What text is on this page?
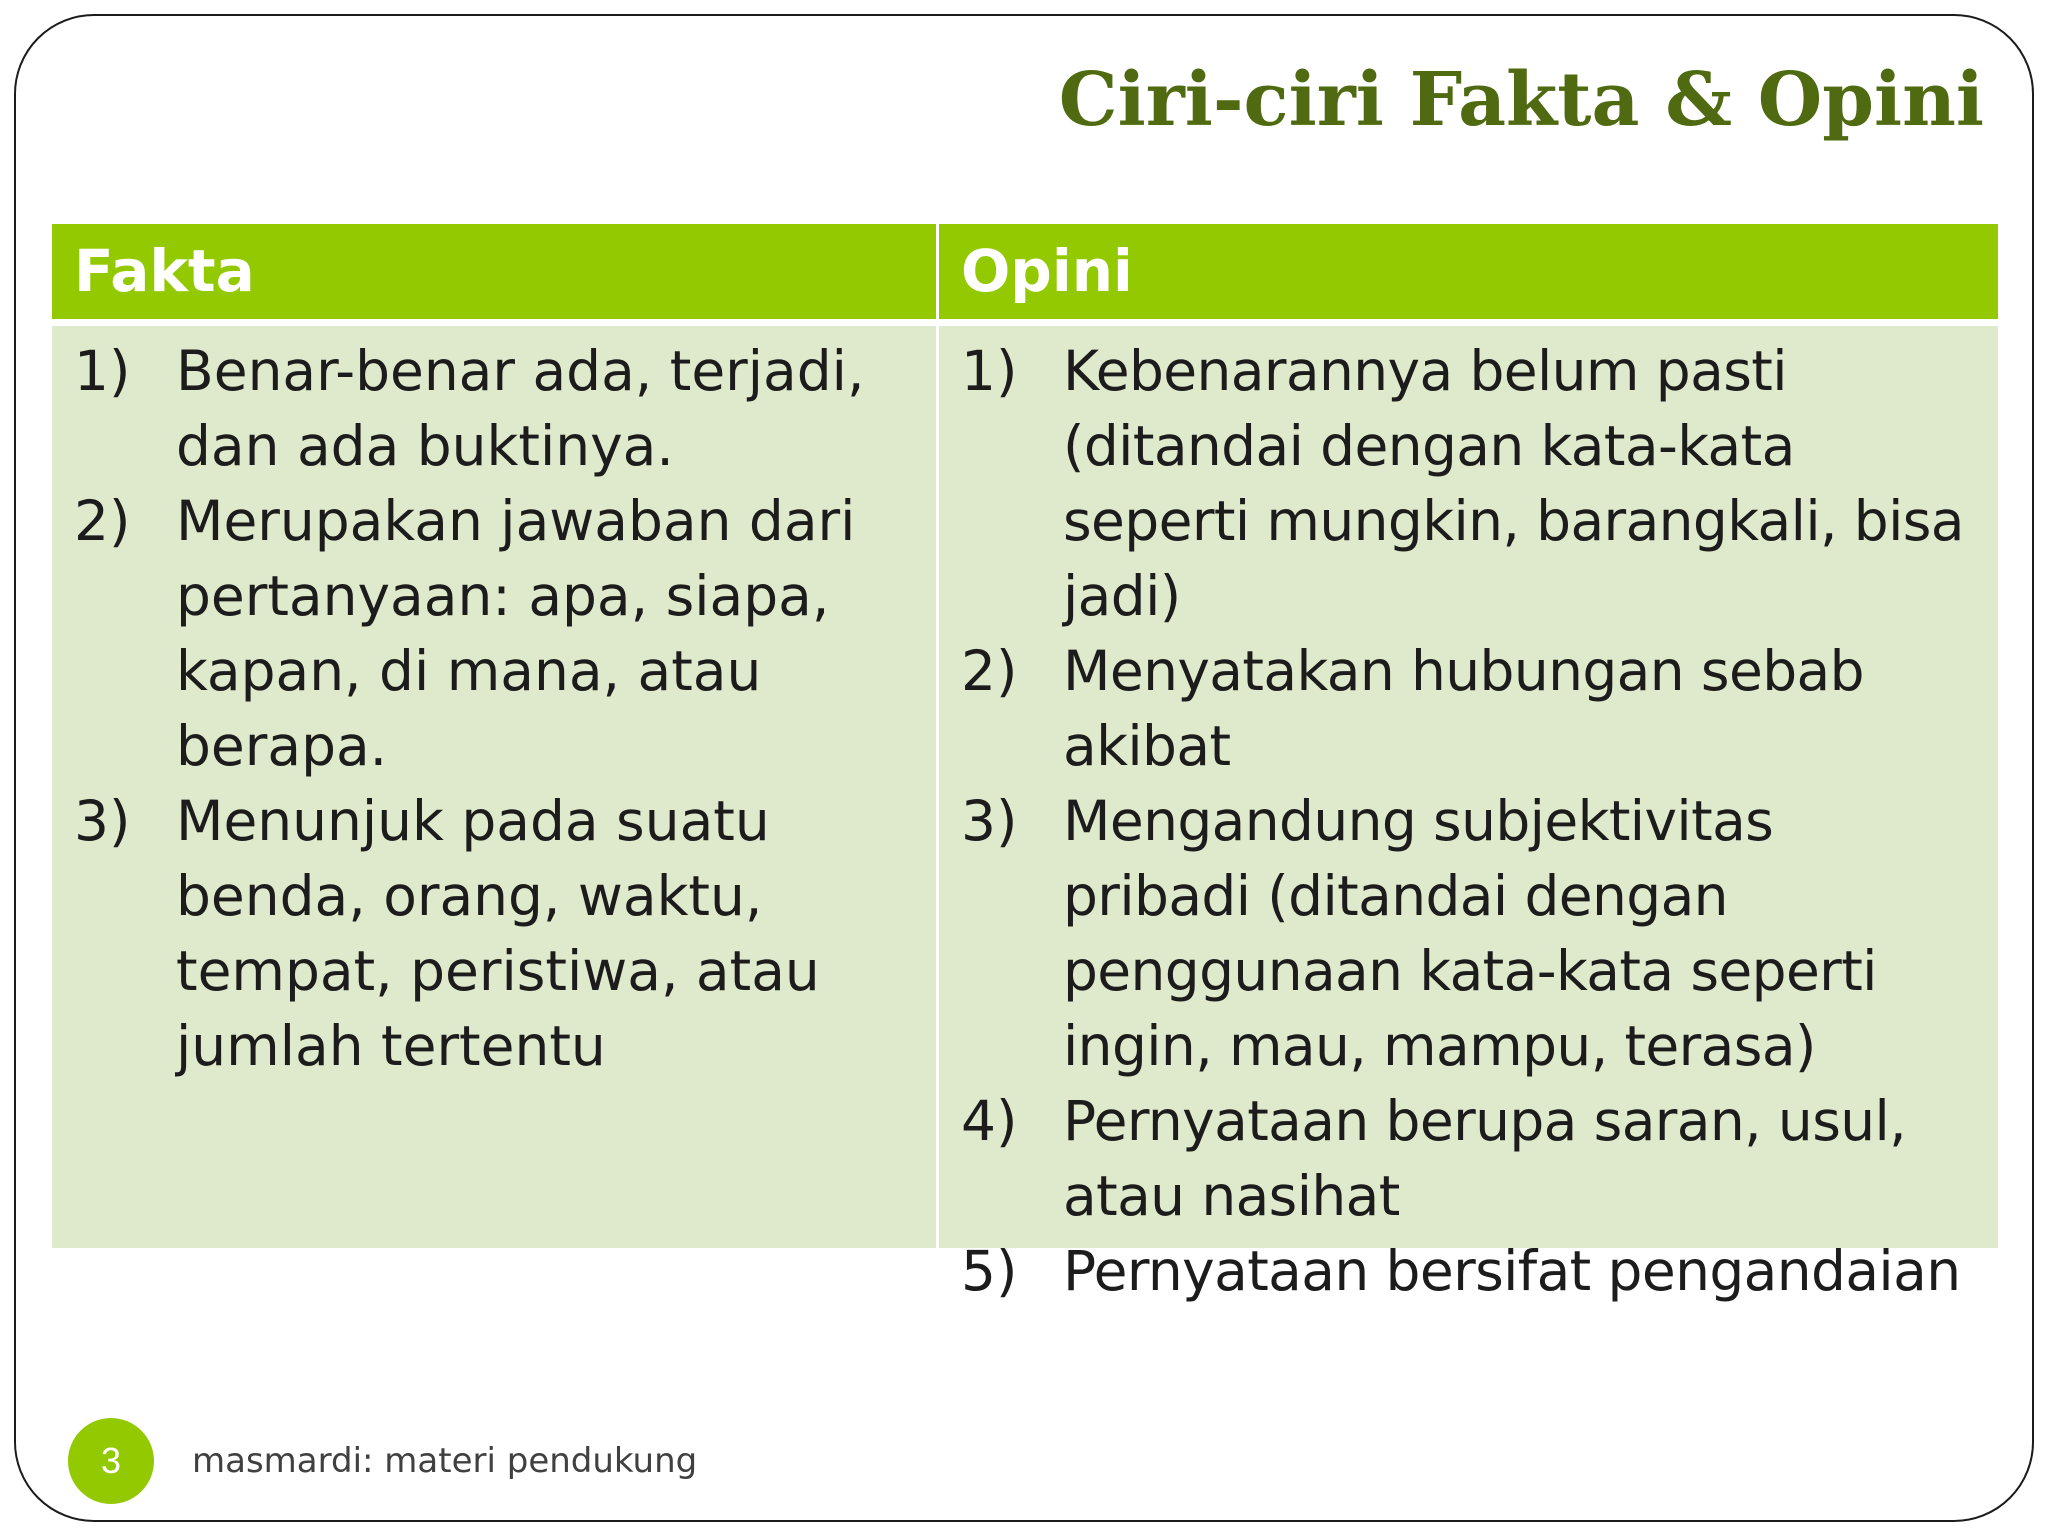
Ciri-ciri Fakta & Opini
Fakta	Opini
1) Benar-benar ada, terjadi, dan ada buktinya.
2) Merupakan jawaban dari pertanyaan: apa, siapa, kapan, di mana, atau berapa.
3) Menunjuk pada suatu benda, orang, waktu, tempat, peristiwa, atau jumlah tertentu
1) Kebenarannya belum pasti (ditandai dengan kata-kata seperti mungkin, barangkali, bisa jadi)
2) Menyatakan hubungan sebab akibat
3) Mengandung subjektivitas pribadi (ditandai dengan penggunaan kata-kata seperti ingin, mau, mampu, terasa)
4) Pernyataan berupa saran, usul, atau nasihat
5) Pernyataan bersifat pengandaian
3	masmardi: materi pendukung
